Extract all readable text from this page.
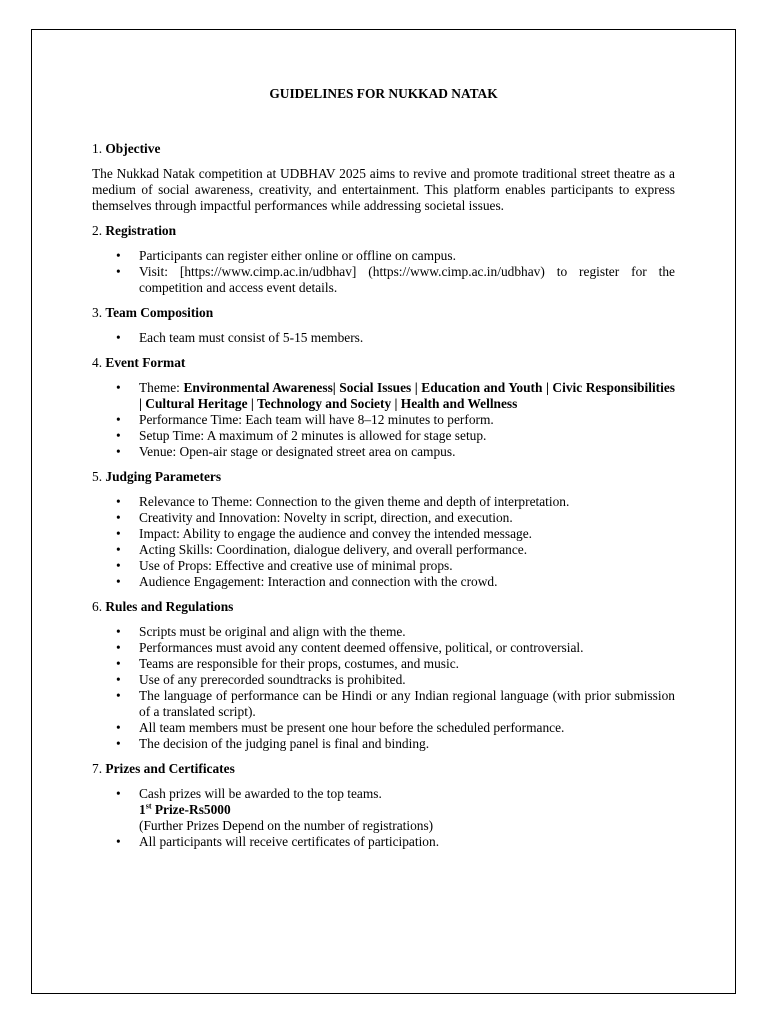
GUIDELINES FOR NUKKAD NATAK
1. Objective
The Nukkad Natak competition at UDBHAV 2025 aims to revive and promote traditional street theatre as a medium of social awareness, creativity, and entertainment. This platform enables participants to express themselves through impactful performances while addressing societal issues.
2. Registration
• Participants can register either online or offline on campus.
• Visit: [https://www.cimp.ac.in/udbhav] (https://www.cimp.ac.in/udbhav) to register for the competition and access event details.
3. Team Composition
• Each team must consist of 5-15 members.
4. Event Format
• Theme: Environmental Awareness| Social Issues | Education and Youth | Civic Responsibilities | Cultural Heritage | Technology and Society | Health and Wellness
• Performance Time: Each team will have 8–12 minutes to perform.
• Setup Time: A maximum of 2 minutes is allowed for stage setup.
• Venue: Open-air stage or designated street area on campus.
5. Judging Parameters
• Relevance to Theme: Connection to the given theme and depth of interpretation.
• Creativity and Innovation: Novelty in script, direction, and execution.
• Impact: Ability to engage the audience and convey the intended message.
• Acting Skills: Coordination, dialogue delivery, and overall performance.
• Use of Props: Effective and creative use of minimal props.
• Audience Engagement: Interaction and connection with the crowd.
6. Rules and Regulations
• Scripts must be original and align with the theme.
• Performances must avoid any content deemed offensive, political, or controversial.
• Teams are responsible for their props, costumes, and music.
• Use of any prerecorded soundtracks is prohibited.
• The language of performance can be Hindi or any Indian regional language (with prior submission of a translated script).
• All team members must be present one hour before the scheduled performance.
• The decision of the judging panel is final and binding.
7. Prizes and Certificates
• Cash prizes will be awarded to the top teams.
1st Prize-Rs5000
(Further Prizes Depend on the number of registrations)
• All participants will receive certificates of participation.
